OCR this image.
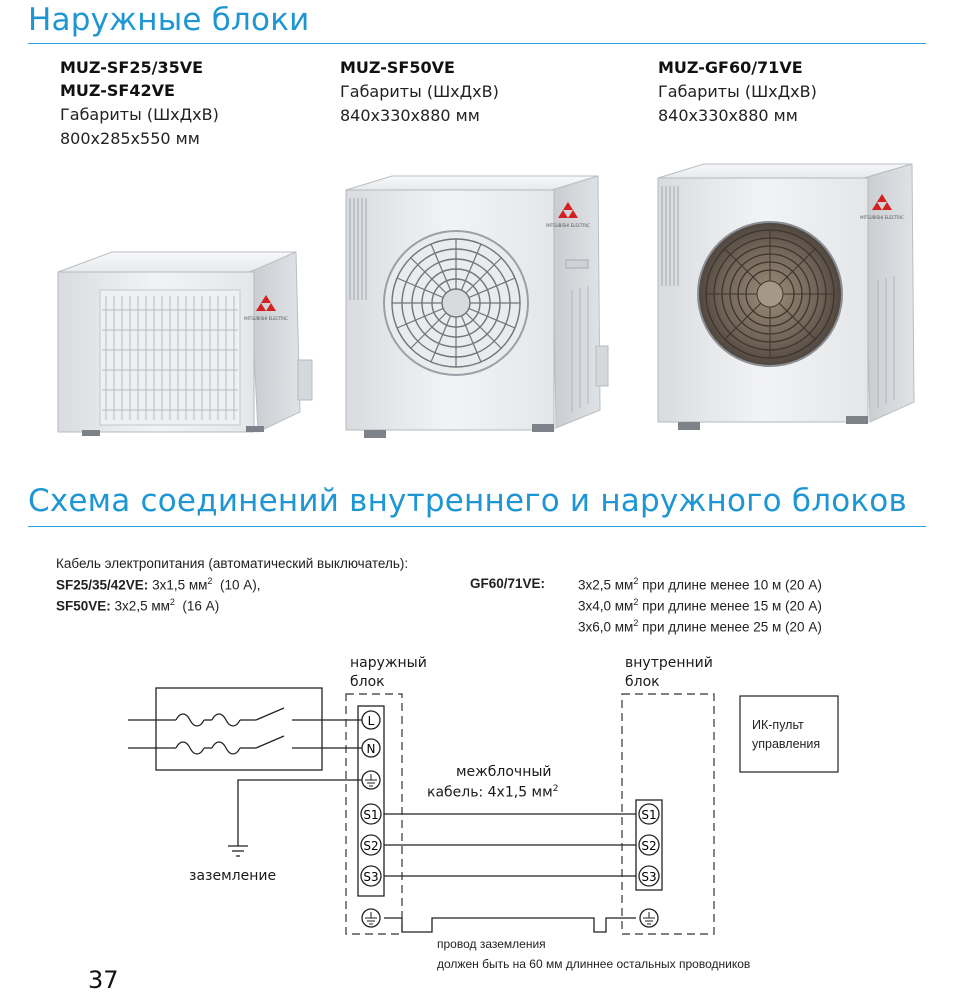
Наружные блоки
MUZ-SF25/35VE
MUZ-SF42VE
Габариты (ШхДхВ)
800x285x550 мм
MUZ-SF50VE
Габариты (ШхДхВ)
840x330x880 мм
MUZ-GF60/71VE
Габариты (ШхДхВ)
840x330x880 мм
MITSUBISHI ELECTRIC
MITSUBISHI ELECTRIC
MITSUBISHI ELECTRIC
Схема соединений внутреннего и наружного блоков
Кабель электропитания (автоматический выключатель):
SF25/35/42VE: 3x1,5 $мм^2$ (10 А),
SF50VE: 3x2,5 $мм^2$ (16 А)
GF60/71VE: 3x2,5 $мм^2$ при длине менее 10 м (20 А)
3x4,0 $мм^2$ при длине менее 15 м (20 А)
3x6,0 $мм^2$ при длине менее 25 м (20 А)
L
N
S1
S2
S3
S1
S2
S3
наружный
блок
внутренний
блок
ИК-пульт
управления
межблочный
кабель: 4x1,5 $мм^2$
заземление
провод заземления
должен быть на 60 мм длиннее остальных проводников
37
